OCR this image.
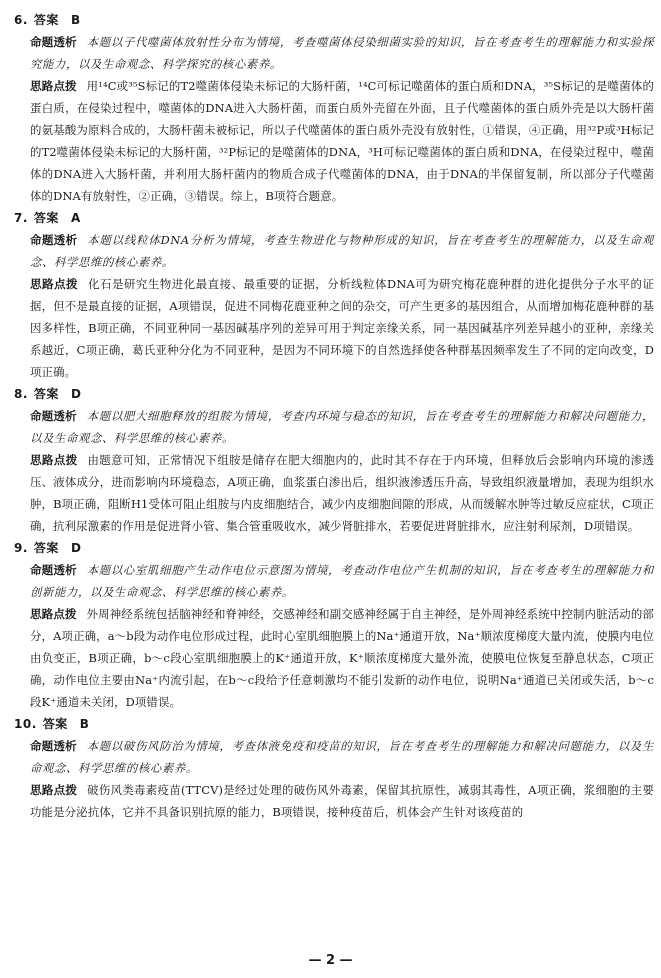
6. 答案 B
命题透析 本题以子代噬菌体放射性分布为情境，考查噬菌体侵染细菌实验的知识，旨在考查考生的理解能力和实验探究能力，以及生命观念、科学探究的核心素养。
思路点拨 用¹⁴C或³⁵S标记的T2噬菌体侵染未标记的大肠杆菌，¹⁴C可标记噬菌体的蛋白质和DNA，³⁵S标记的是噬菌体的蛋白质，在侵染过程中，噬菌体的DNA进入大肠杆菌，而蛋白质外壳留在外面，且子代噬菌体的蛋白质外壳是以大肠杆菌的氨基酸为原料合成的，大肠杆菌未被标记，所以子代噬菌体的蛋白质外壳没有放射性，①错误，④正确，用³²P或³H标记的T2噬菌体侵染未标记的大肠杆菌，³²P标记的是噬菌体的DNA，³H可标记噬菌体的蛋白质和DNA，在侵染过程中，噬菌体的DNA进入大肠杆菌，并利用大肠杆菌内的物质合成子代噬菌体的DNA，由于DNA的半保留复制，所以部分子代噬菌体的DNA有放射性，②正确，③错误。综上，B项符合题意。
7. 答案 A
命题透析 本题以线粒体DNA分析为情境，考查生物进化与物种形成的知识，旨在考查考生的理解能力，以及生命观念、科学思维的核心素养。
思路点拨 化石是研究生物进化最直接、最重要的证据，分析线粒体DNA可为研究梅花鹿种群的进化提供分子水平的证据，但不是最直接的证据，A项错误，促进不同梅花鹿亚种之间的杂交，可产生更多的基因组合，从而增加梅花鹿种群的基因多样性，B项正确，不同亚种同一基因碱基序列的差异可用于判定亲缘关系，同一基因碱基序列差异越小的亚种，亲缘关系越近，C项正确，葛氏亚种分化为不同亚种，是因为不同环境下的自然选择使各种群基因频率发生了不同的定向改变，D项正确。
8. 答案 D
命题透析 本题以肥大细胞释放的组胺为情境，考查内环境与稳态的知识，旨在考查考生的理解能力和解决问题能力，以及生命观念、科学思维的核心素养。
思路点拨 由题意可知，正常情况下组胺是储存在肥大细胞内的，此时其不存在于内环境，但释放后会影响内环境的渗透压、液体成分，进而影响内环境稳态，A项正确，血浆蛋白渗出后，组织液渗透压升高，导致组织液量增加，表现为组织水肿，B项正确，阻断H1受体可阻止组胺与内皮细胞结合，减少内皮细胞间隙的形成，从而缓解水肿等过敏反应症状，C项正确，抗利尿激素的作用是促进肾小管、集合管重吸收水，减少肾脏排水，若要促进肾脏排水，应注射利尿剂，D项错误。
9. 答案 D
命题透析 本题以心室肌细胞产生动作电位示意图为情境，考查动作电位产生机制的知识，旨在考查考生的理解能力和创新能力，以及生命观念、科学思维的核心素养。
思路点拨 外周神经系统包括脑神经和脊神经，交感神经和副交感神经属于自主神经，是外周神经系统中控制内脏活动的部分，A项正确，a～b段为动作电位形成过程，此时心室肌细胞膜上的Na⁺通道开放，Na⁺顺浓度梯度大量内流，使膜内电位由负变正，B项正确，b～c段心室肌细胞膜上的K⁺通道开放，K⁺顺浓度梯度大量外流，使膜电位恢复至静息状态，C项正确，动作电位主要由Na⁺内流引起，在b～c段给予任意刺激均不能引发新的动作电位，说明Na⁺通道已关闭或失活，b～c段K⁺通道未关闭，D项错误。
10. 答案 B
命题透析 本题以破伤风防治为情境，考查体液免疫和疫苗的知识，旨在考查考生的理解能力和解决问题能力，以及生命观念、科学思维的核心素养。
思路点拨 破伤风类毒素疫苗(TTCV)是经过处理的破伤风外毒素，保留其抗原性，减弱其毒性，A项正确，浆细胞的主要功能是分泌抗体，它并不具备识别抗原的能力，B项错误，接种疫苗后，机体会产生针对该疫苗的
— 2 —
